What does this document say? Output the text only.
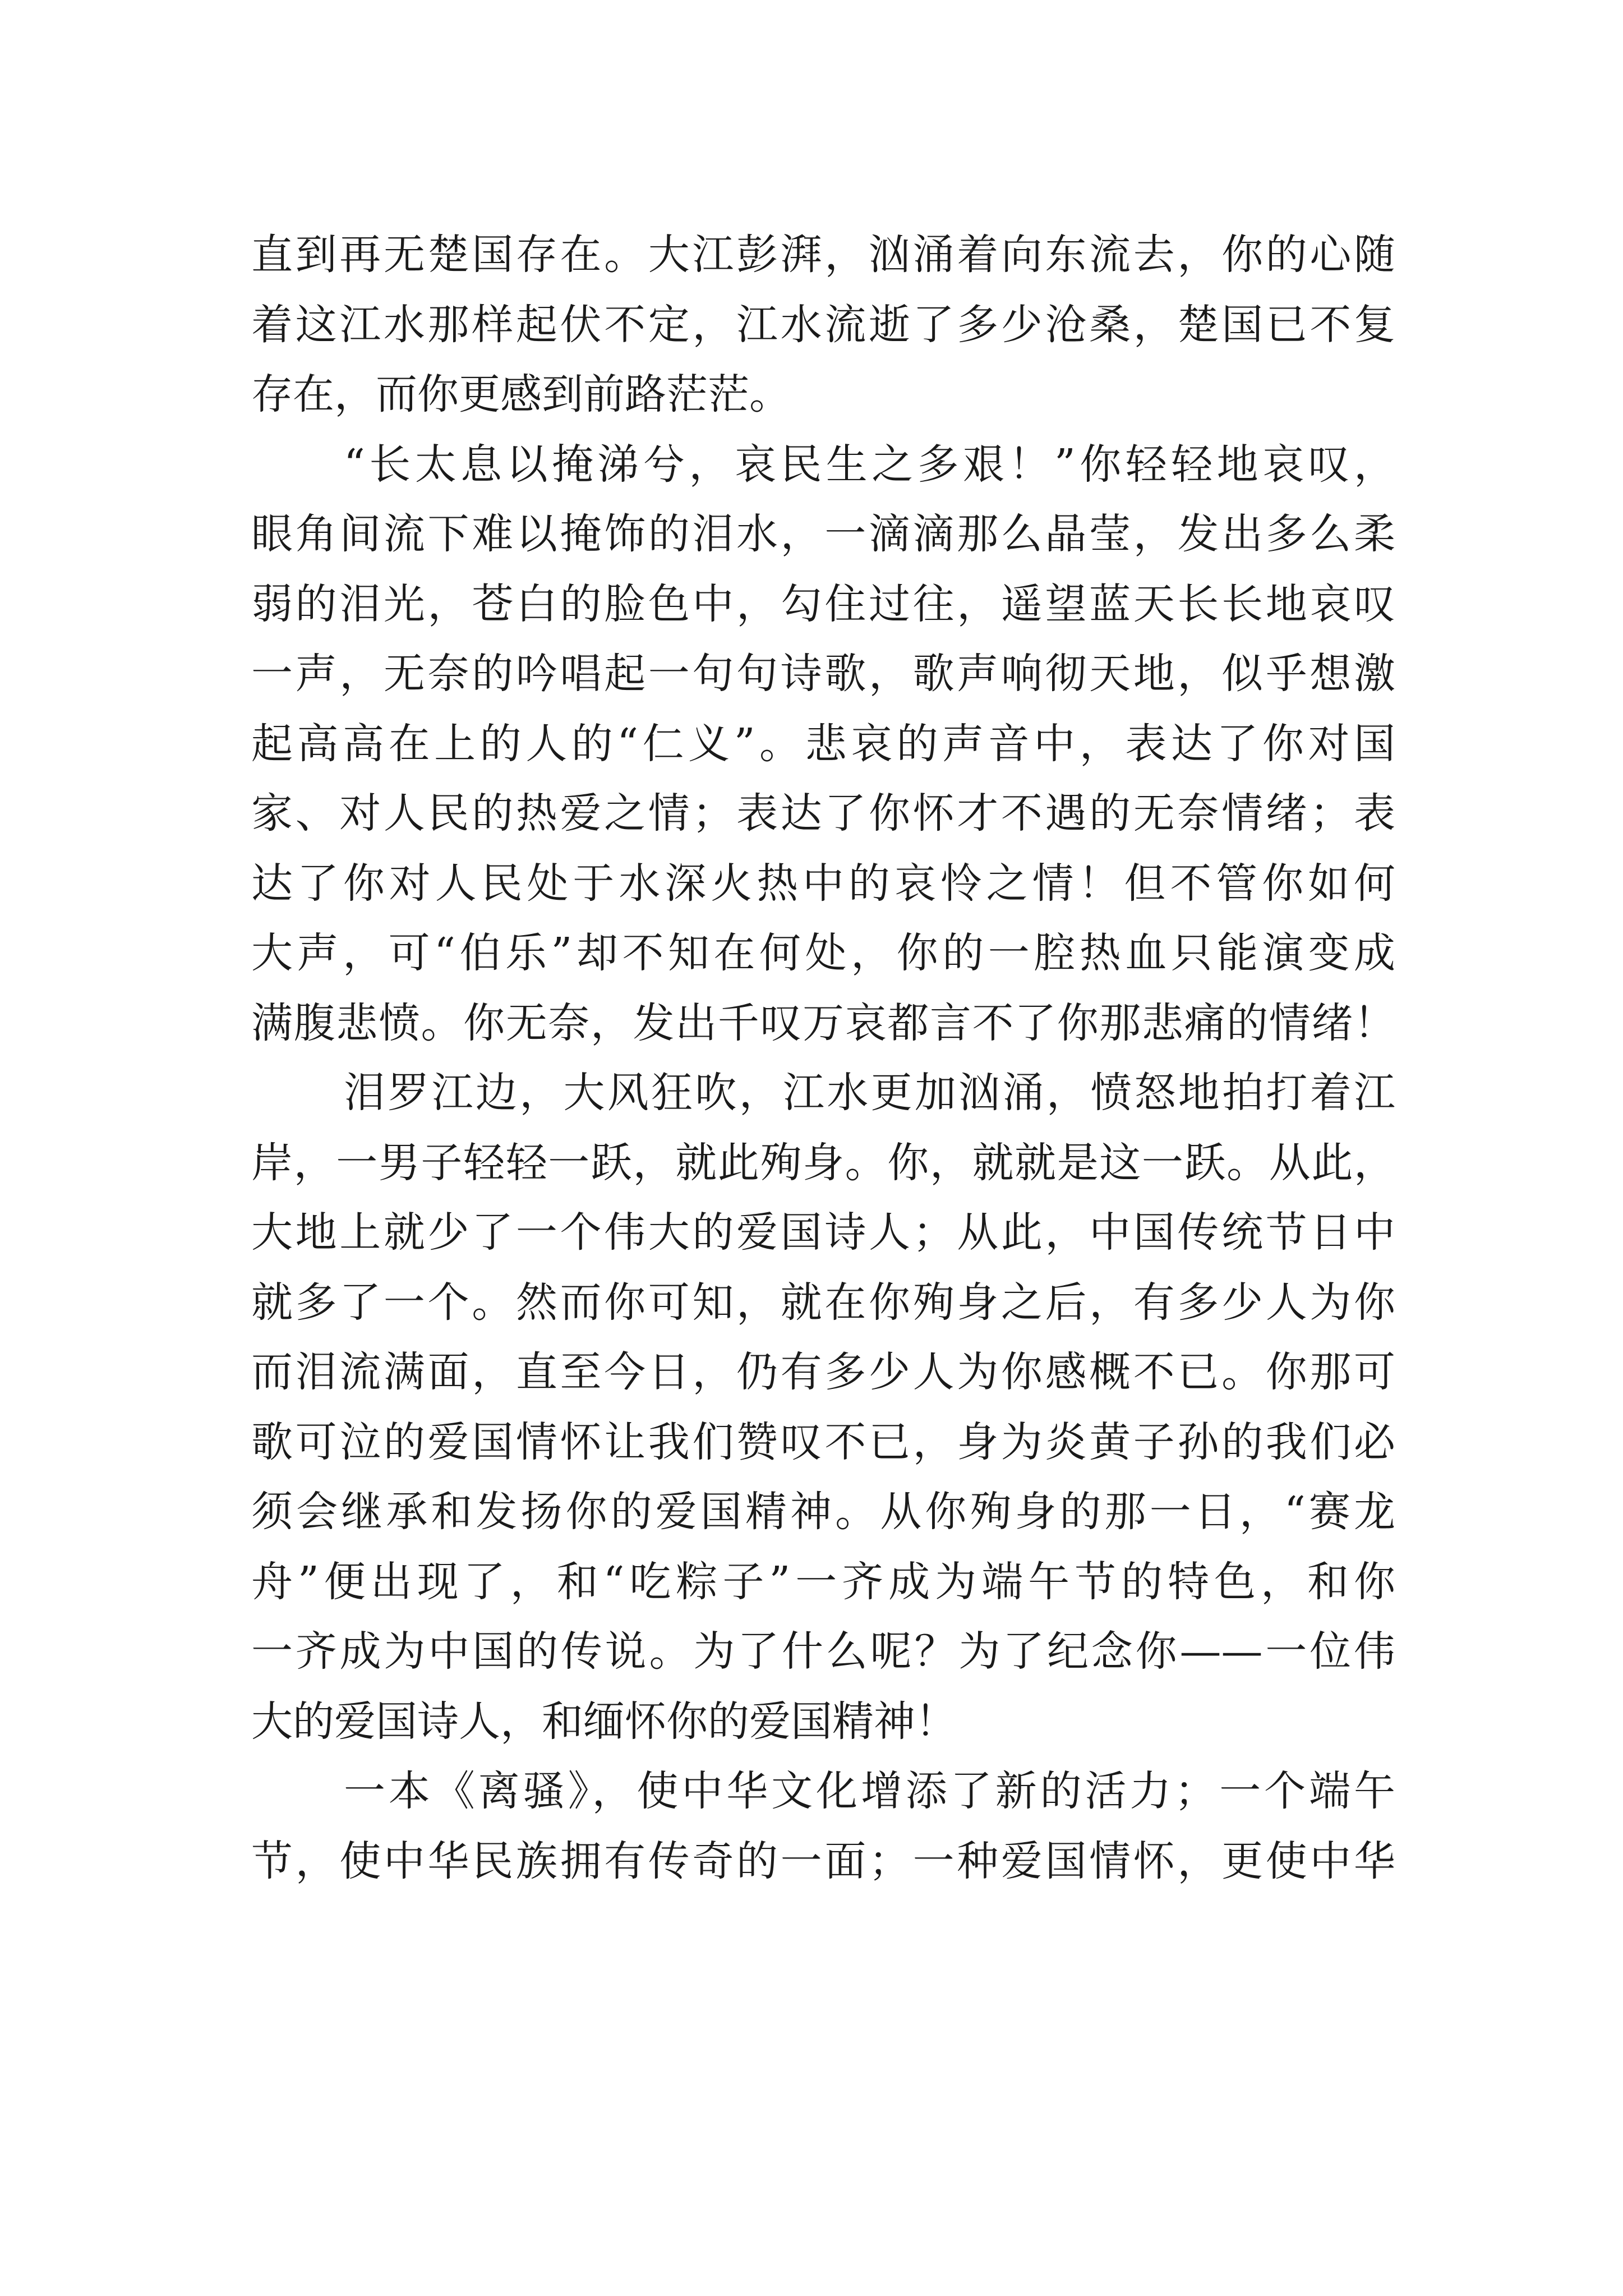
直到再无楚国存在。大江彭湃，汹涌着向东流去，你的心随
着这江水那样起伏不定，江水流逝了多少沧桑，楚国已不复
存在，而你更感到前路茫茫。
“长太息以掩涕兮，哀民生之多艰！”你轻轻地哀叹，
眼角间流下难以掩饰的泪水，一滴滴那么晶莹，发出多么柔
弱的泪光，苍白的脸色中，勾住过往，遥望蓝天长长地哀叹
一声，无奈的吟唱起一句句诗歌，歌声响彻天地，似乎想激
起高高在上的人的“仁义”。悲哀的声音中，表达了你对国
家、对人民的热爱之情；表达了你怀才不遇的无奈情绪；表
达了你对人民处于水深火热中的哀怜之情！但不管你如何
大声，可“伯乐”却不知在何处，你的一腔热血只能演变成
满腹悲愤。你无奈，发出千叹万哀都言不了你那悲痛的情绪！
泪罗江边，大风狂吹，江水更加汹涌，愤怒地拍打着江
岸，一男子轻轻一跃，就此殉身。你，就就是这一跃。从此，
大地上就少了一个伟大的爱国诗人；从此，中国传统节日中
就多了一个。然而你可知，就在你殉身之后，有多少人为你
而泪流满面，直至今日，仍有多少人为你感概不已。你那可
歌可泣的爱国情怀让我们赞叹不已，身为炎黄子孙的我们必
须会继承和发扬你的爱国精神。从你殉身的那一日，“赛龙
舟”便出现了，和“吃粽子”一齐成为端午节的特色，和你
一齐成为中国的传说。为了什么呢？为了纪念你——一位伟
大的爱国诗人，和缅怀你的爱国精神！
一本《离骚》，使中华文化增添了新的活力；一个端午
节，使中华民族拥有传奇的一面；一种爱国情怀，更使中华
